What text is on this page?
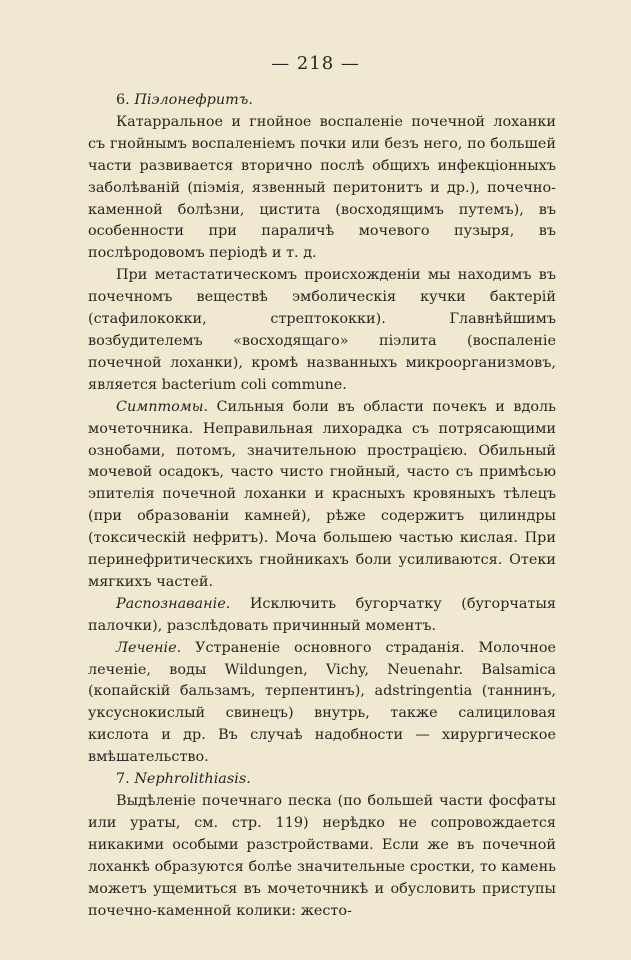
— 218 —

6. Піэлонефритъ.

Катарральное и гнойное воспаленіе почечной лоханки съ гнойнымъ воспаленіемъ почки или безъ него, по большей части развивается вторично послѣ общихъ инфекціонныхъ заболѣваній (піэмія, язвенный перитонитъ и др.), почечно-каменной болѣзни, цистита (восходящимъ путемъ), въ особенности при параличѣ мочевого пузыря, въ послѣродовомъ періодѣ и т. д.

При метастатическомъ происхожденіи мы находимъ въ почечномъ веществѣ эмболическія кучки бактерій (стафилококки, стрептококки). Главнѣйшимъ возбудителемъ «восходящаго» піэлита (воспаленіе почечной лоханки), кромѣ названныхъ микроорганизмовъ, является bacterium coli commune.

Симптомы. Сильныя боли въ области почекъ и вдоль мочеточника. Неправильная лихорадка съ потрясающими ознобами, потомъ, значительною прострацією. Обильный мочевой осадокъ, часто чисто гнойный, часто съ примѣсью эпителія почечной лоханки и красныхъ кровяныхъ тѣлецъ (при образованіи камней), рѣже содержитъ цилиндры (токсическій нефритъ). Моча большею частью кислая. При перинефритическихъ гнойникахъ боли усиливаются. Отеки мягкихъ частей.

Распознаваніе. Исключить бугорчатку (бугорчатыя палочки), разслѣдовать причинный моментъ.

Леченіе. Устраненіе основного страданія. Молочное леченіе, воды Wildungen, Vichy, Neuenahr. Balsamica (копайскій бальзамъ, терпентинъ), adstringentia (таннинъ, уксуснокислый свинецъ) внутрь, также салициловая кислота и др. Въ случаѣ надобности — хирургическое вмѣшательство.

7. Nephrolithiasis.

Выдѣленіе почечнаго песка (по большей части фосфаты или ураты, см. стр. 119) нерѣдко не сопровождается никакими особыми разстройствами. Если же въ почечной лоханкѣ образуются болѣе значительные сростки, то камень можетъ ущемиться въ мочеточникѣ и обусловить приступы почечно-каменной колики: жесто-
